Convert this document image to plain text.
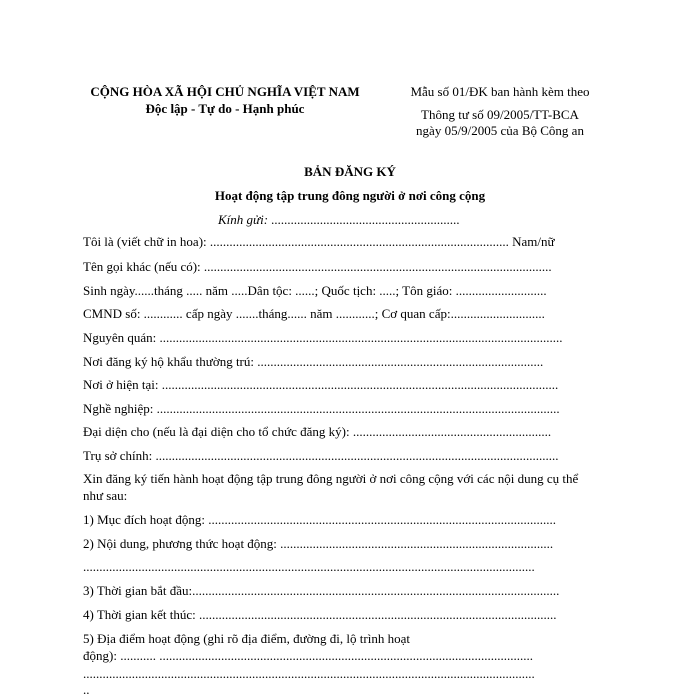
CỘNG HÒA XÃ HỘI CHỦ NGHĨA VIỆT NAM
Độc lập - Tự do - Hạnh phúc
Mẫu số 01/ĐK ban hành kèm theo
Thông tư số 09/2005/TT-BCA
ngày 05/9/2005 của Bộ Công an
BẢN ĐĂNG KÝ
Hoạt động tập trung đông người ở nơi công cộng
Kính gửi: ..........................................................
Tôi là (viết chữ in hoa): ............................................................................................ Nam/nữ
Tên gọi khác (nếu có): ...........................................................................................................
Sinh ngày......tháng ..... năm .....Dân tộc: ......; Quốc tịch: .....; Tôn giáo: ............................
CMND số: ............ cấp ngày .......tháng...... năm ............; Cơ quan cấp:.............................
Nguyên quán: ............................................................................................................................
Nơi đăng ký hộ khẩu thường trú: ........................................................................................
Nơi ở hiện tại: ..........................................................................................................................
Nghề nghiệp: ............................................................................................................................
Đại diện cho (nếu là đại diện cho tổ chức đăng ký): .............................................................
Trụ sở chính: ............................................................................................................................
Xin đăng ký tiến hành hoạt động tập trung đông người ở nơi công cộng với các nội dung cụ thể
như sau:
1) Mục đích hoạt động: ...........................................................................................................
2) Nội dung, phương thức hoạt động: ....................................................................................
...........................................................................................................................................
3) Thời gian bắt đầu:.................................................................................................................
4) Thời gian kết thúc: ..............................................................................................................
5) Địa điểm hoạt động (ghi rõ địa điểm, đường đi, lộ trình hoạt
động): ........... ...................................................................................................................
...........................................................................................................................................
..
